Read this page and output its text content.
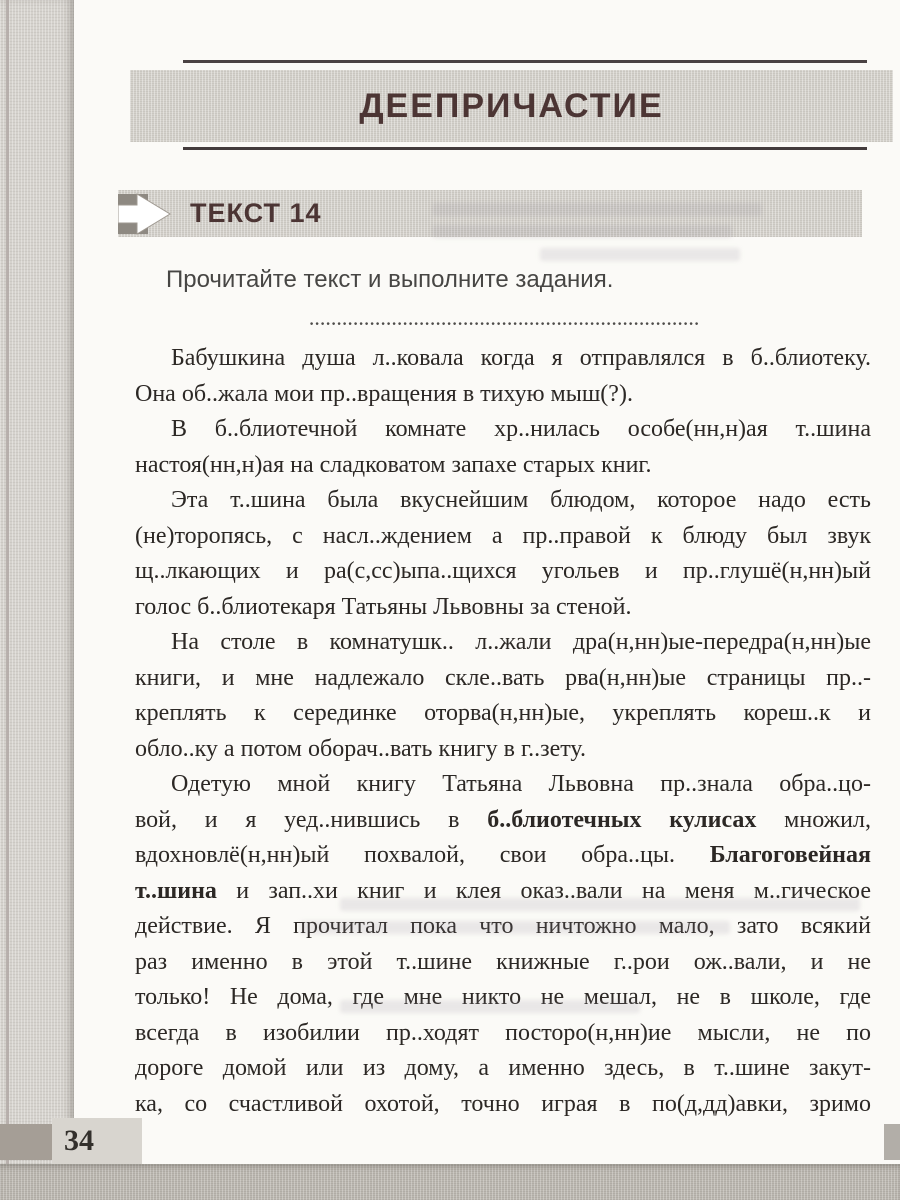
ДЕЕПРИЧАСТИЕ
ТЕКСТ 14
Прочитайте текст и выполните задания.
Бабушкина душа л..ковала когда я отправлялся в б..блиотеку.
Она об..жала мои пр..вращения в тихую мыш(?).
В б..блиотечной комнате хр..нилась особе(нн,н)ая т..шина
настоя(нн,н)ая на сладковатом запахе старых книг.
Эта т..шина была вкуснейшим блюдом, которое надо есть
(не)торопясь, с насл..ждением а пр..правой к блюду был звук
щ..лкающих и ра(с,сс)ыпа..щихся угольев и пр..глушё(н,нн)ый
голос б..блиотекаря Татьяны Львовны за стеной.
На столе в комнатушк.. л..жали дра(н,нн)ые-передра(н,нн)ые
книги, и мне надлежало скле..вать рва(н,нн)ые страницы пр..-
креплять к серединке оторва(н,нн)ые, укреплять кореш..к и
обло..ку а потом оборач..вать книгу в г..зету.
Одетую мной книгу Татьяна Львовна пр..знала обра..цо-
вой, и я уед..нившись в б..блиотечных кулисах множил,
вдохновлё(н,нн)ый похвалой, свои обра..цы. Благоговейная
т..шина и зап..хи книг и клея оказ..вали на меня м..гическое
действие. Я прочитал пока что ничтожно мало, зато всякий
раз именно в этой т..шине книжные г..рои ож..вали, и не
только! Не дома, где мне никто не мешал, не в школе, где
всегда в изобилии пр..ходят посторо(н,нн)ие мысли, не по
дороге домой или из дому, а именно здесь, в т..шине закут-
ка, со счастливой охотой, точно играя в по(д,дд)авки, зримо
34
